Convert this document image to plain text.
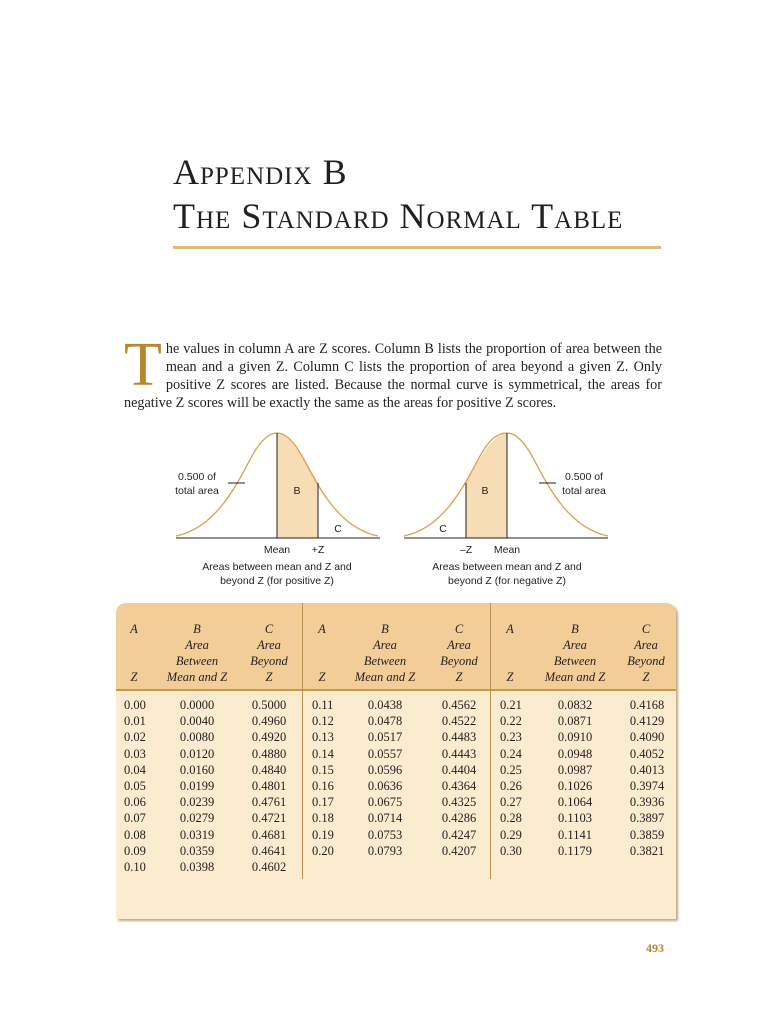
Appendix B
The Standard Normal Table
T he values in column A are Z scores. Column B lists the proportion of area between the mean and a given Z. Column C lists the proportion of area beyond a given Z. Only positive Z scores are listed. Because the normal curve is symmetrical, the areas for negative Z scores will be exactly the same as the areas for positive Z scores.
0.500 of
total area	B
C
Mean +Z
Areas between mean and Z and
beyond Z (for positive Z)
0.500 of
total area
B
C
–Z Mean
Areas between mean and Z and
beyond Z (for negative Z)
A
Z
B
Area
Between
Mean and Z
C
Area
Beyond
Z
A
Z
B
Area
Between
Mean and Z
C
Area
Beyond
Z
A
Z
B
Area
Between
Mean and Z
C
Area
Beyond
Z
0.00
0.01
0.02
0.03
0.04
0.05
0.06
0.07
0.08
0.09
0.10
0.0000
0.0040
0.0080
0.0120
0.0160
0.0199
0.0239
0.0279
0.0319
0.0359
0.0398
0.5000
0.4960
0.4920
0.4880
0.4840
0.4801
0.4761
0.4721
0.4681
0.4641
0.4602
0.11
0.12
0.13
0.14
0.15
0.16
0.17
0.18
0.19
0.20
0.0438
0.0478
0.0517
0.0557
0.0596
0.0636
0.0675
0.0714
0.0753
0.0793
0.4562
0.4522
0.4483
0.4443
0.4404
0.4364
0.4325
0.4286
0.4247
0.4207
0.21
0.22
0.23
0.24
0.25
0.26
0.27
0.28
0.29
0.30
0.0832
0.0871
0.0910
0.0948
0.0987
0.1026
0.1064
0.1103
0.1141
0.1179
0.4168
0.4129
0.4090
0.4052
0.4013
0.3974
0.3936
0.3897
0.3859
0.3821
493
